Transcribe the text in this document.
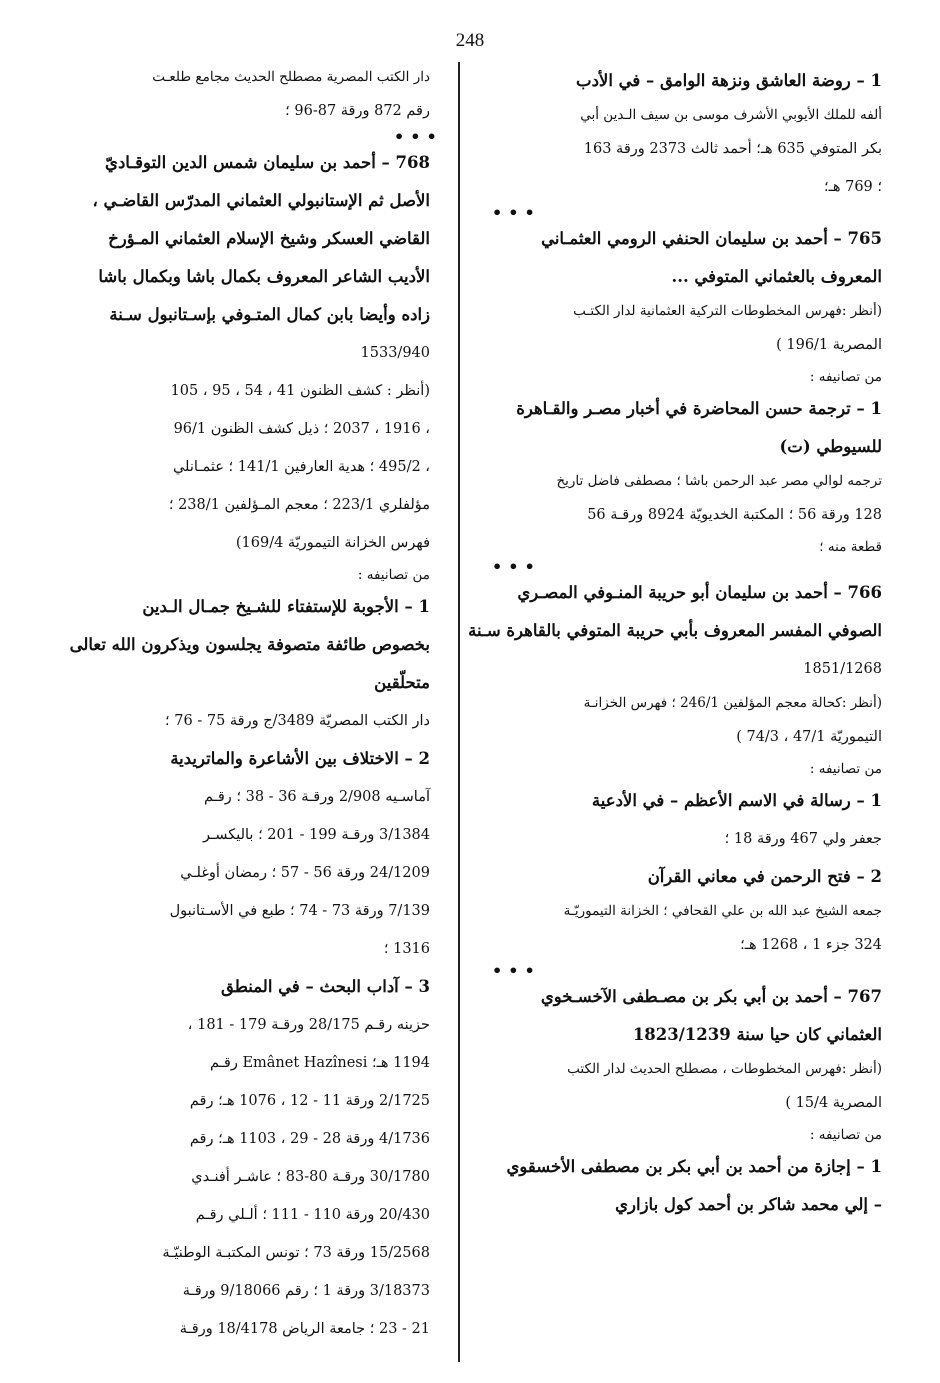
248

1 – روضة العاشق ونزهة الوامق – في الأدب

ألفه للملك الأيوبي الأشرف موسى بن سيف الـدين أبي

بكر المتوفي 635 هـ؛ أحمد ثالث 2373 ورقة 163

؛ 769 هـ؛

•••

765 – أحمد بن سليمان الحنفي الرومي العثمـاني

المعروف بالعثماني المتوفي ...

(أنظر :فهرس المخطوطات التركية العثمانية لدار الكتـب

المصرية 196/1 )

من تصانيفه :

1 – ترجمة حسن المحاضرة في أخبار مصـر والقـاهرة

للسيوطي (ت)

ترجمه لوالي مصر عبد الرحمن باشا ؛ مصطفى فاضل تاريخ

128 ورقة 56 ؛ المكتبة الخديويّة 8924 ورقـة 56

قطعة منه ؛

•••

766 – أحمد بن سليمان أبو حريبة المنـوفي المصـري

الصوفي المفسر المعروف بأبي حريبة المتوفي بالقاهرة سـنة

1851/1268

(أنظر :كحالة معجم المؤلفين 246/1 ؛ فهرس الخزانـة

التيموريّة 47/1 ، 74/3 )

من تصانيفه :

1 – رسالة في الاسم الأعظم – في الأدعية

جعفر ولي 467 ورقة 18 ؛

2 – فتح الرحمن في معاني القرآن

جمعه الشيخ عبد الله بن علي القحافي ؛ الخزانة التيموريّـة

324 جزء 1 ، 1268 هـ؛

•••

767 – أحمد بن أبي بكر بن مصـطفى الآخسـخوي

العثماني كان حيا سنة 1823/1239

(أنظر :فهرس المخطوطات ، مصطلح الحديث لدار الكتب

المصرية 15/4 )

من تصانيفه :

1 – إجازة من أحمد بن أبي بكر بن مصطفى الأخسقوي

– إلي محمد شاكر بن أحمد كول بازاري

دار الكتب المصرية مصطلح الحديث مجامع طلعـت

رقم 872 ورقة 87-96 ؛

•••

768 – أحمد بن سليمان شمس الدين التوقـاديّ

الأصل ثم الإستانبولي العثماني المدرّس القاضـي ،

القاضي العسكر وشيخ الإسلام العثماني المـؤرخ

الأديب الشاعر المعروف بكمال باشا وبكمال باشا

زاده وأيضا بابن كمال المتـوفي بإسـتانبول سـنة

1533/940

(أنظر : كشف الظنون 41 ، 54 ، 95 ، 105

، 1916 ، 2037 ؛ ذيل كشف الظنون 96/1

، 495/2 ؛ هدية العارفين 141/1 ؛ عثمـانلي

مؤلفلري 223/1 ؛ معجم المـؤلفين 238/1 ؛

فهرس الخزانة التيموريّة 169/4)

من تصانيفه :

1 – الأجوبة للإستفتاء للشـيخ جمـال الـدين

بخصوص طائفة متصوفة يجلسون ويذكرون الله تعالى

متحلّقين

دار الكتب المصريّة 3489/ج ورقة 75 - 76 ؛

2 – الاختلاف بين الأشاعرة والماتريدية

آماسـيه 2/908 ورقـة 36 - 38 ؛ رقـم

3/1384 ورقـة 199 - 201 ؛ باليكسـر

24/1209 ورقة 56 - 57 ؛ رمضان أوغلـي

7/139 ورقة 73 - 74 ؛ طبع في الأسـتانبول

1316 ؛

3 – آداب البحث – في المنطق

حزينه رقـم 28/175 ورقـة 179 - 181 ،

1194 هـ؛ Emânet Hazînesi رقـم

2/1725 ورقة 11 - 12 ، 1076 هـ؛ رقم

4/1736 ورقة 28 - 29 ، 1103 هـ؛ رقم

30/1780 ورقـة 80-83 ؛ عاشـر أفنـدي

20/430 ورقة 110 - 111 ؛ ألـلي رقـم

15/2568 ورقة 73 ؛ تونس المكتبـة الوطنيّـة

3/18373 ورقة 1 ؛ رقم 9/18066 ورقـة

21 - 23 ؛ جامعة الرياض 18/4178 ورقـة
